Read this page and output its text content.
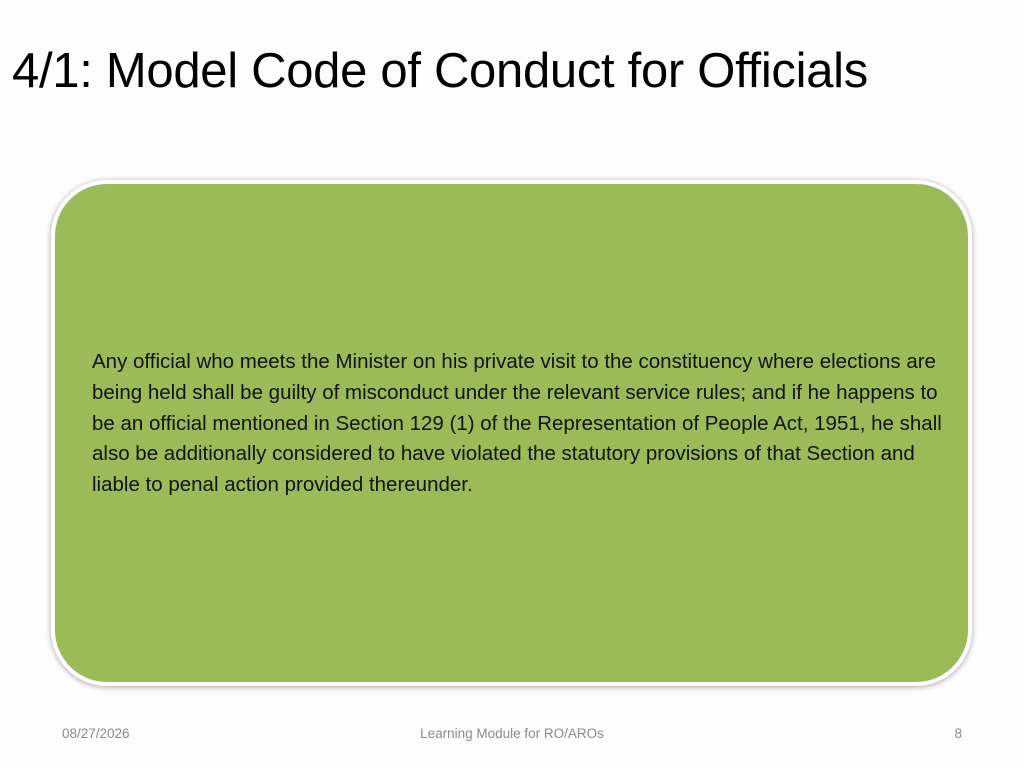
4/1: Model Code of Conduct for Officials

Any official who meets the Minister on his private visit to the constituency where elections are being held shall be guilty of misconduct under the relevant service rules; and if he happens to be an official mentioned in Section 129 (1) of the Representation of People Act, 1951, he shall also be additionally considered to have violated the statutory provisions of that Section and liable to penal action provided thereunder.

08/27/2026	Learning Module for RO/AROs	8
